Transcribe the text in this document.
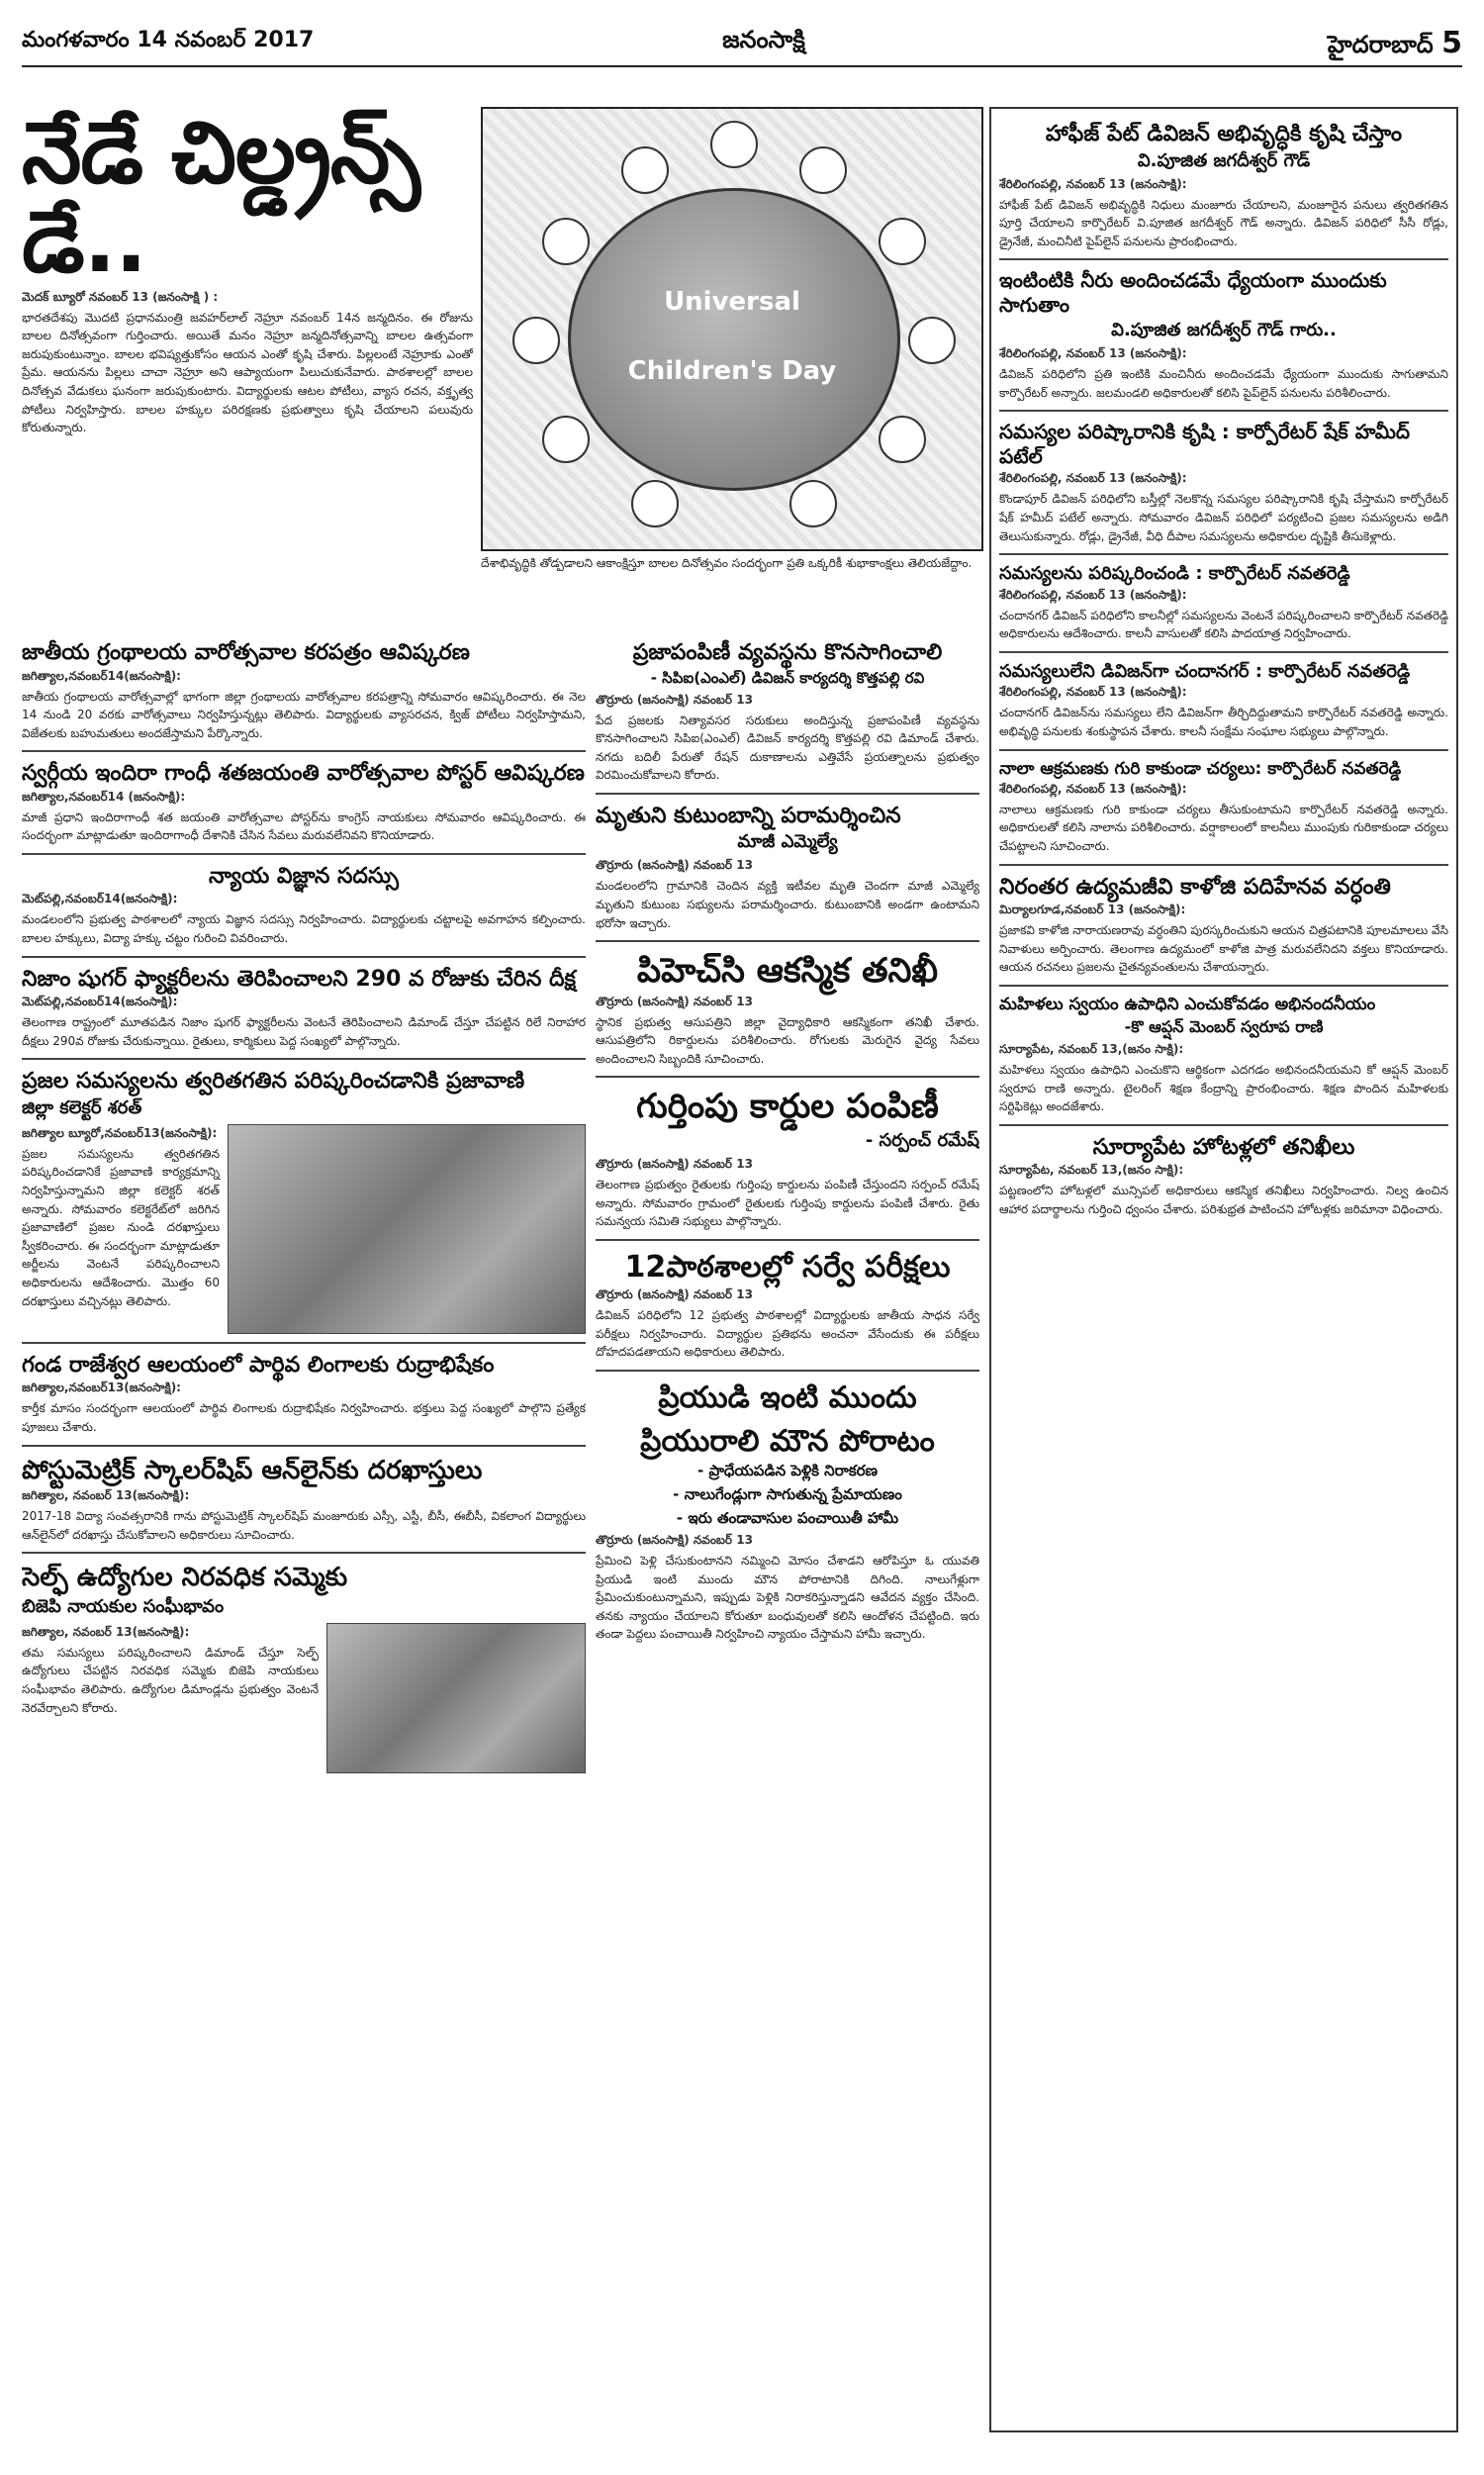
మంగళవారం 14 నవంబర్ 2017	జనంసాక్షి	హైదరాబాద్ 5
నేడే చిల్డ్రన్స్ డే..
మెదక్ బ్యూరో నవంబర్ 13 (జనంసాక్షి ) :

భారతదేశపు మొదటి ప్రధానమంత్రి జవహర్‌లాల్ నెహ్రూ నవంబర్ 14న జన్మదినం. ఈ రోజును బాలల దినోత్సవంగా గుర్తించారు. అయితే మనం నెహ్రూ జన్మదినోత్సవాన్ని బాలల ఉత్సవంగా జరుపుకుంటున్నాం. బాలల భవిష్యత్తుకోసం ఆయన ఎంతో కృషి చేశారు. పిల్లలంటే నెహ్రూకు ఎంతో ప్రేమ. ఆయనను పిల్లలు చాచా నెహ్రూ అని ఆప్యాయంగా పిలుచుకునేవారు. పాఠశాలల్లో బాలల దినోత్సవ వేడుకలు ఘనంగా జరుపుకుంటారు. విద్యార్థులకు ఆటల పోటీలు, వ్యాస రచన, వక్తృత్వ పోటీలు నిర్వహిస్తారు. బాలల హక్కుల పరిరక్షణకు ప్రభుత్వాలు కృషి చేయాలని పలువురు కోరుతున్నారు.

Universal
Children's Day

దేశాభివృద్ధికి తోడ్పడాలని ఆకాంక్షిస్తూ బాలల దినోత్సవం సందర్భంగా ప్రతి ఒక్కరికీ శుభాకాంక్షలు తెలియజేద్దాం.

జాతీయ గ్రంథాలయ వారోత్సవాల కరపత్రం ఆవిష్కరణ
జగిత్యాల,నవంబర్14(జనంసాక్షి):

జాతీయ గ్రంథాలయ వారోత్సవాల్లో భాగంగా జిల్లా గ్రంథాలయ వారోత్సవాల కరపత్రాన్ని సోమవారం ఆవిష్కరించారు. ఈ నెల 14 నుండి 20 వరకు వారోత్సవాలు నిర్వహిస్తున్నట్లు తెలిపారు. విద్యార్థులకు వ్యాసరచన, క్విజ్ పోటీలు నిర్వహిస్తామని, విజేతలకు బహుమతులు అందజేస్తామని పేర్కొన్నారు.

స్వర్గీయ ఇందిరా గాంధీ శతజయంతి వారోత్సవాల పోస్టర్ ఆవిష్కరణ
జగిత్యాల,నవంబర్14 (జనంసాక్షి):

మాజీ ప్రధాని ఇందిరాగాంధీ శత జయంతి వారోత్సవాల పోస్టర్‌ను కాంగ్రెస్ నాయకులు సోమవారం ఆవిష్కరించారు. ఈ సందర్భంగా మాట్లాడుతూ ఇందిరాగాంధీ దేశానికి చేసిన సేవలు మరువలేనివని కొనియాడారు.

న్యాయ విజ్ఞాన సదస్సు
మెట్‌పల్లి,నవంబర్14(జనంసాక్షి):

మండలంలోని ప్రభుత్వ పాఠశాలలో న్యాయ విజ్ఞాన సదస్సు నిర్వహించారు. విద్యార్థులకు చట్టాలపై అవగాహన కల్పించారు. బాలల హక్కులు, విద్యా హక్కు చట్టం గురించి వివరించారు.

నిజాం షుగర్ ఫ్యాక్టరీలను తెరిపించాలని 290 వ రోజుకు చేరిన దీక్ష
మెట్‌పల్లి,నవంబర్14(జనంసాక్షి):

తెలంగాణ రాష్ట్రంలో మూతపడిన నిజాం షుగర్ ఫ్యాక్టరీలను వెంటనే తెరిపించాలని డిమాండ్ చేస్తూ చేపట్టిన రిలే నిరాహార దీక్షలు 290వ రోజుకు చేరుకున్నాయి. రైతులు, కార్మికులు పెద్ద సంఖ్యలో పాల్గొన్నారు.

ప్రజల సమస్యలను త్వరితగతిన పరిష్కరించడానికి ప్రజావాణి
జిల్లా కలెక్టర్ శరత్
జగిత్యాల బ్యూరో,నవంబర్13(జనంసాక్షి):

ప్రజల సమస్యలను త్వరితగతిన పరిష్కరించడానికే ప్రజావాణి కార్యక్రమాన్ని నిర్వహిస్తున్నామని జిల్లా కలెక్టర్ శరత్ అన్నారు. సోమవారం కలెక్టరేట్‌లో జరిగిన ప్రజావాణిలో ప్రజల నుండి దరఖాస్తులు స్వీకరించారు. ఈ సందర్భంగా మాట్లాడుతూ అర్జీలను వెంటనే పరిష్కరించాలని అధికారులను ఆదేశించారు. మొత్తం 60 దరఖాస్తులు వచ్చినట్లు తెలిపారు.

గండ రాజేశ్వర ఆలయంలో పార్థివ లింగాలకు రుద్రాభిషేకం
జగిత్యాల,నవంబర్13(జనంసాక్షి):

కార్తీక మాసం సందర్భంగా ఆలయంలో పార్థివ లింగాలకు రుద్రాభిషేకం నిర్వహించారు. భక్తులు పెద్ద సంఖ్యలో పాల్గొని ప్రత్యేక పూజలు చేశారు.

పోస్టుమెట్రిక్ స్కాలర్‌షిప్ ఆన్‌లైన్‌కు దరఖాస్తులు
జగిత్యాల, నవంబర్ 13(జనంసాక్షి):

2017-18 విద్యా సంవత్సరానికి గాను పోస్టుమెట్రిక్ స్కాలర్‌షిప్ మంజూరుకు ఎస్సీ, ఎస్టీ, బీసీ, ఈబీసీ, వికలాంగ విద్యార్థులు ఆన్‌లైన్‌లో దరఖాస్తు చేసుకోవాలని అధికారులు సూచించారు.

సెల్ఫ్ ఉద్యోగుల నిరవధిక సమ్మెకు
బిజెపి నాయకుల సంఘీభావం
జగిత్యాల, నవంబర్ 13(జనంసాక్షి):

తమ సమస్యలు పరిష్కరించాలని డిమాండ్ చేస్తూ సెల్ఫ్ ఉద్యోగులు చేపట్టిన నిరవధిక సమ్మెకు బిజెపి నాయకులు సంఘీభావం తెలిపారు. ఉద్యోగుల డిమాండ్లను ప్రభుత్వం వెంటనే నెరవేర్చాలని కోరారు.

ప్రజాపంపిణీ వ్యవస్థను కొనసాగించాలి
- సిపిఐ(ఎంఎల్) డివిజన్ కార్యదర్శి కొత్తపల్లి రవి
తొర్రూరు (జనంసాక్షి) నవంబర్ 13

పేద ప్రజలకు నిత్యావసర సరుకులు అందిస్తున్న ప్రజాపంపిణీ వ్యవస్థను కొనసాగించాలని సిపిఐ(ఎంఎల్) డివిజన్ కార్యదర్శి కొత్తపల్లి రవి డిమాండ్ చేశారు. నగదు బదిలీ పేరుతో రేషన్ దుకాణాలను ఎత్తివేసే ప్రయత్నాలను ప్రభుత్వం విరమించుకోవాలని కోరారు.

మృతుని కుటుంబాన్ని పరామర్శించిన
మాజీ ఎమ్మెల్యే
తొర్రూరు (జనంసాక్షి) నవంబర్ 13

మండలంలోని గ్రామానికి చెందిన వ్యక్తి ఇటీవల మృతి చెందగా మాజీ ఎమ్మెల్యే మృతుని కుటుంబ సభ్యులను పరామర్శించారు. కుటుంబానికి అండగా ఉంటామని భరోసా ఇచ్చారు.

పిహెచ్‌సి ఆకస్మిక తనిఖీ
తొర్రూరు (జనంసాక్షి) నవంబర్ 13

స్థానిక ప్రభుత్వ ఆసుపత్రిని జిల్లా వైద్యాధికారి ఆకస్మికంగా తనిఖీ చేశారు. ఆసుపత్రిలోని రికార్డులను పరిశీలించారు. రోగులకు మెరుగైన వైద్య సేవలు అందించాలని సిబ్బందికి సూచించారు.

గుర్తింపు కార్డుల పంపిణీ
- సర్పంచ్ రమేష్
తొర్రూరు (జనంసాక్షి) నవంబర్ 13

తెలంగాణ ప్రభుత్వం రైతులకు గుర్తింపు కార్డులను పంపిణీ చేస్తుందని సర్పంచ్ రమేష్ అన్నారు. సోమవారం గ్రామంలో రైతులకు గుర్తింపు కార్డులను పంపిణీ చేశారు. రైతు సమన్వయ సమితి సభ్యులు పాల్గొన్నారు.

12పాఠశాలల్లో సర్వే పరీక్షలు
తొర్రూరు (జనంసాక్షి) నవంబర్ 13

డివిజన్ పరిధిలోని 12 ప్రభుత్వ పాఠశాలల్లో విద్యార్థులకు జాతీయ సాధన సర్వే పరీక్షలు నిర్వహించారు. విద్యార్థుల ప్రతిభను అంచనా వేసేందుకు ఈ పరీక్షలు దోహదపడతాయని అధికారులు తెలిపారు.

ప్రియుడి ఇంటి ముందు
ప్రియురాలి మౌన పోరాటం
- ప్రాధేయపడిన పెళ్లికి నిరాకరణ
- నాలుగేండ్లుగా సాగుతున్న ప్రేమాయణం
- ఇరు తండావాసుల పంచాయితీ హామీ
తొర్రూరు (జనంసాక్షి) నవంబర్ 13

ప్రేమించి పెళ్లి చేసుకుంటానని నమ్మించి మోసం చేశాడని ఆరోపిస్తూ ఓ యువతి ప్రియుడి ఇంటి ముందు మౌన పోరాటానికి దిగింది. నాలుగేళ్లుగా ప్రేమించుకుంటున్నామని, ఇప్పుడు పెళ్లికి నిరాకరిస్తున్నాడని ఆవేదన వ్యక్తం చేసింది. తనకు న్యాయం చేయాలని కోరుతూ బంధువులతో కలిసి ఆందోళన చేపట్టింది. ఇరు తండా పెద్దలు పంచాయితీ నిర్వహించి న్యాయం చేస్తామని హామీ ఇచ్చారు.

హాఫీజ్ పేట్ డివిజన్ అభివృద్ధికి కృషి చేస్తాం
వి.పూజిత జగదీశ్వర్ గౌడ్
శేరిలింగంపల్లి, నవంబర్ 13 (జనంసాక్షి):

హాఫీజ్ పేట్ డివిజన్ అభివృద్ధికి నిధులు మంజూరు చేయాలని, మంజూరైన పనులు త్వరితగతిన పూర్తి చేయాలని కార్పొరేటర్ వి.పూజిత జగదీశ్వర్ గౌడ్ అన్నారు. డివిజన్ పరిధిలో సీసీ రోడ్లు, డ్రైనేజీ, మంచినీటి పైప్‌లైన్ పనులను ప్రారంభించారు.

ఇంటింటికి నీరు అందించడమే ధ్యేయంగా ముందుకు సాగుతాం
వి.పూజిత జగదీశ్వర్ గౌడ్ గారు..
శేరిలింగంపల్లి, నవంబర్ 13 (జనంసాక్షి):

డివిజన్ పరిధిలోని ప్రతి ఇంటికి మంచినీరు అందించడమే ధ్యేయంగా ముందుకు సాగుతామని కార్పొరేటర్ అన్నారు. జలమండలి అధికారులతో కలిసి పైప్‌లైన్ పనులను పరిశీలించారు.

సమస్యల పరిష్కారానికి కృషి : కార్పోరేటర్ షేక్ హమీద్ పటేల్
శేరిలింగంపల్లి, నవంబర్ 13 (జనంసాక్షి):

కొండాపూర్ డివిజన్ పరిధిలోని బస్తీల్లో నెలకొన్న సమస్యల పరిష్కారానికి కృషి చేస్తామని కార్పోరేటర్ షేక్ హమీద్ పటేల్ అన్నారు. సోమవారం డివిజన్ పరిధిలో పర్యటించి ప్రజల సమస్యలను అడిగి తెలుసుకున్నారు. రోడ్లు, డ్రైనేజీ, వీధి దీపాల సమస్యలను అధికారుల దృష్టికి తీసుకెళ్లారు.

సమస్యలను పరిష్కరించండి : కార్పొరేటర్ నవతరెడ్డి
శేరిలింగంపల్లి, నవంబర్ 13 (జనంసాక్షి):

చందానగర్ డివిజన్ పరిధిలోని కాలనీల్లో సమస్యలను వెంటనే పరిష్కరించాలని కార్పొరేటర్ నవతరెడ్డి అధికారులను ఆదేశించారు. కాలనీ వాసులతో కలిసి పాదయాత్ర నిర్వహించారు.

సమస్యలులేని డివిజన్‌గా చందానగర్ : కార్పొరేటర్ నవతరెడ్డి
శేరిలింగంపల్లి, నవంబర్ 13 (జనంసాక్షి):

చందానగర్ డివిజన్‌ను సమస్యలు లేని డివిజన్‌గా తీర్చిదిద్దుతామని కార్పొరేటర్ నవతరెడ్డి అన్నారు. అభివృద్ధి పనులకు శంకుస్థాపన చేశారు. కాలనీ సంక్షేమ సంఘాల సభ్యులు పాల్గొన్నారు.

నాలా ఆక్రమణకు గురి కాకుండా చర్యలు: కార్పొరేటర్ నవతరెడ్డి
శేరిలింగంపల్లి, నవంబర్ 13 (జనంసాక్షి):

నాలాలు ఆక్రమణకు గురి కాకుండా చర్యలు తీసుకుంటామని కార్పొరేటర్ నవతరెడ్డి అన్నారు. అధికారులతో కలిసి నాలాను పరిశీలించారు. వర్షాకాలంలో కాలనీలు ముంపుకు గురికాకుండా చర్యలు చేపట్టాలని సూచించారు.

నిరంతర ఉద్యమజీవి కాళోజి పదిహేనవ వర్ధంతి
మిర్యాలగూడ,నవంబర్ 13 (జనంసాక్షి):

ప్రజాకవి కాళోజి నారాయణరావు వర్ధంతిని పురస్కరించుకుని ఆయన చిత్రపటానికి పూలమాలలు వేసి నివాళులు అర్పించారు. తెలంగాణ ఉద్యమంలో కాళోజి పాత్ర మరువలేనిదని వక్తలు కొనియాడారు. ఆయన రచనలు ప్రజలను చైతన్యవంతులను చేశాయన్నారు.

మహిళలు స్వయం ఉపాధిని ఎంచుకోవడం అభినందనీయం
-కొ ఆప్షన్ మెంబర్ స్వరూప రాణి
సూర్యాపేట, నవంబర్ 13,(జనం సాక్షి):

మహిళలు స్వయం ఉపాధిని ఎంచుకొని ఆర్థికంగా ఎదగడం అభినందనీయమని కో ఆప్షన్ మెంబర్ స్వరూప రాణి అన్నారు. టైలరింగ్ శిక్షణ కేంద్రాన్ని ప్రారంభించారు. శిక్షణ పొందిన మహిళలకు సర్టిఫికెట్లు అందజేశారు.

సూర్యాపేట హోటళ్లలో తనిఖీలు
సూర్యాపేట, నవంబర్ 13,(జనం సాక్షి):

పట్టణంలోని హోటళ్లలో మున్సిపల్ అధికారులు ఆకస్మిక తనిఖీలు నిర్వహించారు. నిల్వ ఉంచిన ఆహార పదార్థాలను గుర్తించి ధ్వంసం చేశారు. పరిశుభ్రత పాటించని హోటళ్లకు జరిమానా విధించారు.
